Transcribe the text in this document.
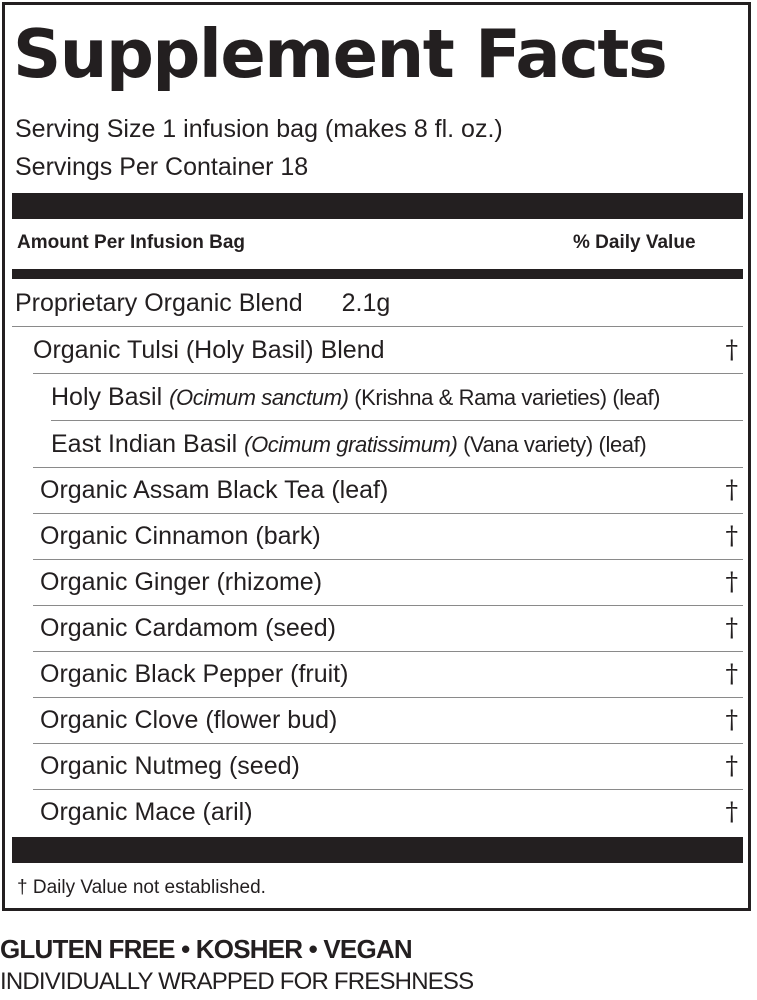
Supplement Facts
Serving Size 1 infusion bag (makes 8 fl. oz.)
Servings Per Container 18
Amount Per Infusion Bag	% Daily Value
Proprietary Organic Blend 2.1g
Organic Tulsi (Holy Basil) Blend	†
Holy Basil (Ocimum sanctum) (Krishna & Rama varieties) (leaf)
East Indian Basil (Ocimum gratissimum) (Vana variety) (leaf)
Organic Assam Black Tea (leaf)	†
Organic Cinnamon (bark)	†
Organic Ginger (rhizome)	†
Organic Cardamom (seed)	†
Organic Black Pepper (fruit)	†
Organic Clove (flower bud)	†
Organic Nutmeg (seed)	†
Organic Mace (aril)	†
† Daily Value not established.
GLUTEN FREE • KOSHER • VEGAN
INDIVIDUALLY WRAPPED FOR FRESHNESS
